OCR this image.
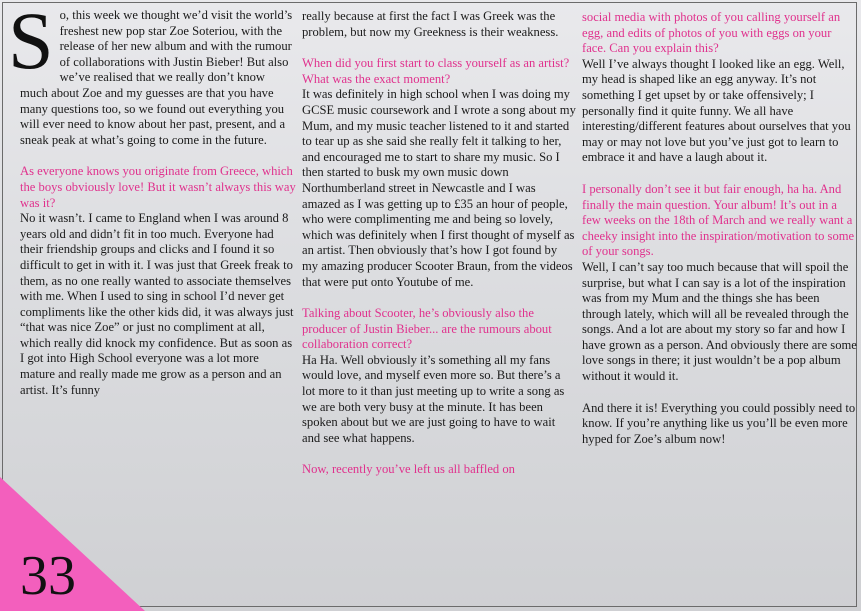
So, this week we thought we’d visit the world’s freshest new pop star Zoe Soteriou, with the release of her new album and with the rumour of collaborations with Justin Bieber! But also we’ve realised that we really don’t know much about Zoe and my guesses are that you have many questions too, so we found out everything you will ever need to know about her past, present, and a sneak peak at what’s going to come in the future.

As everyone knows you originate from Greece, which the boys obviously love! But it wasn’t always this way was it?

No it wasn’t. I came to England when I was around 8 years old and didn’t fit in too much. Everyone had their friendship groups and clicks and I found it so difficult to get in with it. I was just that Greek freak to them, as no one really wanted to associate themselves with me. When I used to sing in school I’d never get compliments like the other kids did, it was always just “that was nice Zoe” or just no compliment at all, which really did knock my confidence. But as soon as I got into High School everyone was a lot more mature and really made me grow as a person and an artist. It’s funny

really because at first the fact I was Greek was the problem, but now my Greekness is their weakness.

When did you first start to class yourself as an artist? What was the exact moment?

It was definitely in high school when I was doing my GCSE music coursework and I wrote a song about my Mum, and my music teacher listened to it and started to tear up as she said she really felt it talking to her, and encouraged me to start to share my music. So I then started to busk my own music down Northumberland street in Newcastle and I was amazed as I was getting up to £35 an hour of people, who were complimenting me and being so lovely, which was definitely when I first thought of myself as an artist. Then obviously that’s how I got found by my amazing producer Scooter Braun, from the videos that were put onto Youtube of me.

Talking about Scooter, he’s obviously also the producer of Justin Bieber... are the rumours about collaboration correct?

Ha Ha. Well obviously it’s something all my fans would love, and myself even more so. But there’s a lot more to it than just meeting up to write a song as we are both very busy at the minute. It has been spoken about but we are just going to have to wait and see what happens.

Now, recently you’ve left us all baffled on

social media with photos of you calling yourself an egg, and edits of photos of you with eggs on your face. Can you explain this?

Well I’ve always thought I looked like an egg. Well, my head is shaped like an egg anyway. It’s not something I get upset by or take offensively; I personally find it quite funny. We all have interesting/different features about ourselves that you may or may not love but you’ve just got to learn to embrace it and have a laugh about it.

I personally don’t see it but fair enough, ha ha. And finally the main question. Your album! It’s out in a few weeks on the 18th of March and we really want a cheeky insight into the inspiration/motivation to some of your songs.

Well, I can’t say too much because that will spoil the surprise, but what I can say is a lot of the inspiration was from my Mum and the things she has been through lately, which will all be revealed through the songs. And a lot are about my story so far and how I have grown as a person. And obviously there are some love songs in there; it just wouldn’t be a pop album without it would it.

And there it is! Everything you could possibly need to know. If you’re anything like us you’ll be even more hyped for Zoe’s album now!

33
